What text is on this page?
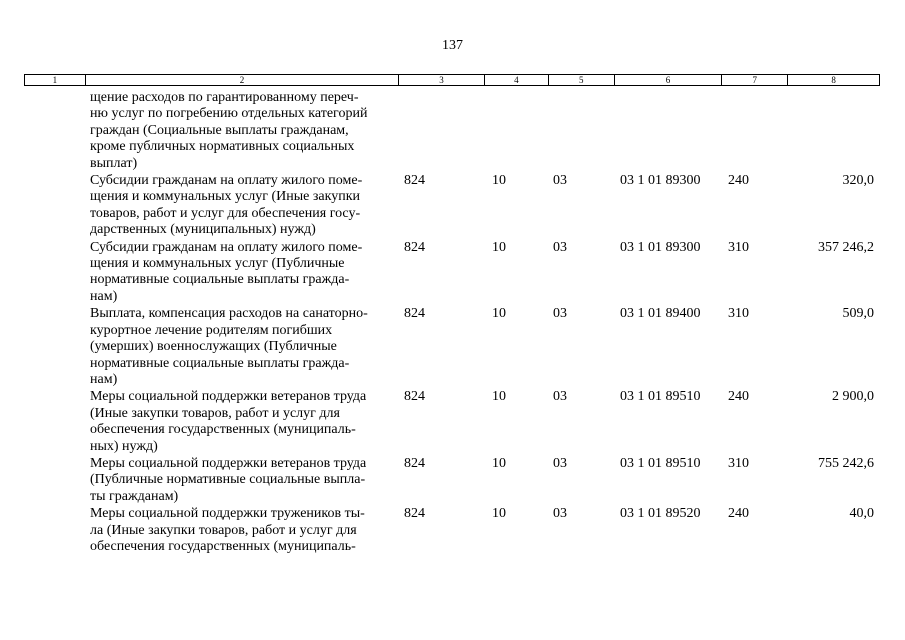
137
1	2	3	4	5	6	7	8
щение расходов по гарантированному переч-
ню услуг по погребению отдельных категорий
граждан (Социальные выплаты гражданам,
кроме публичных нормативных социальных
выплат)
Субсидии гражданам на оплату жилого поме-
щения и коммунальных услуг (Иные закупки
товаров, работ и услуг для обеспечения госу-
дарственных (муниципальных) нужд)
824	10	03	03 1 01 89300	240	320,0
Субсидии гражданам на оплату жилого поме-
щения и коммунальных услуг (Публичные
нормативные социальные выплаты гражда-
нам)
824	10	03	03 1 01 89300	310	357 246,2
Выплата, компенсация расходов на санаторно-
курортное лечение родителям погибших
(умерших) военнослужащих (Публичные
нормативные социальные выплаты гражда-
нам)
824	10	03	03 1 01 89400	310	509,0
Меры социальной поддержки ветеранов труда
(Иные закупки товаров, работ и услуг для
обеспечения государственных (муниципаль-
ных) нужд)
824	10	03	03 1 01 89510	240	2 900,0
Меры социальной поддержки ветеранов труда
(Публичные нормативные социальные выпла-
ты гражданам)
824	10	03	03 1 01 89510	310	755 242,6
Меры социальной поддержки тружеников ты-
ла (Иные закупки товаров, работ и услуг для
обеспечения государственных (муниципаль-
824	10	03	03 1 01 89520	240	40,0
